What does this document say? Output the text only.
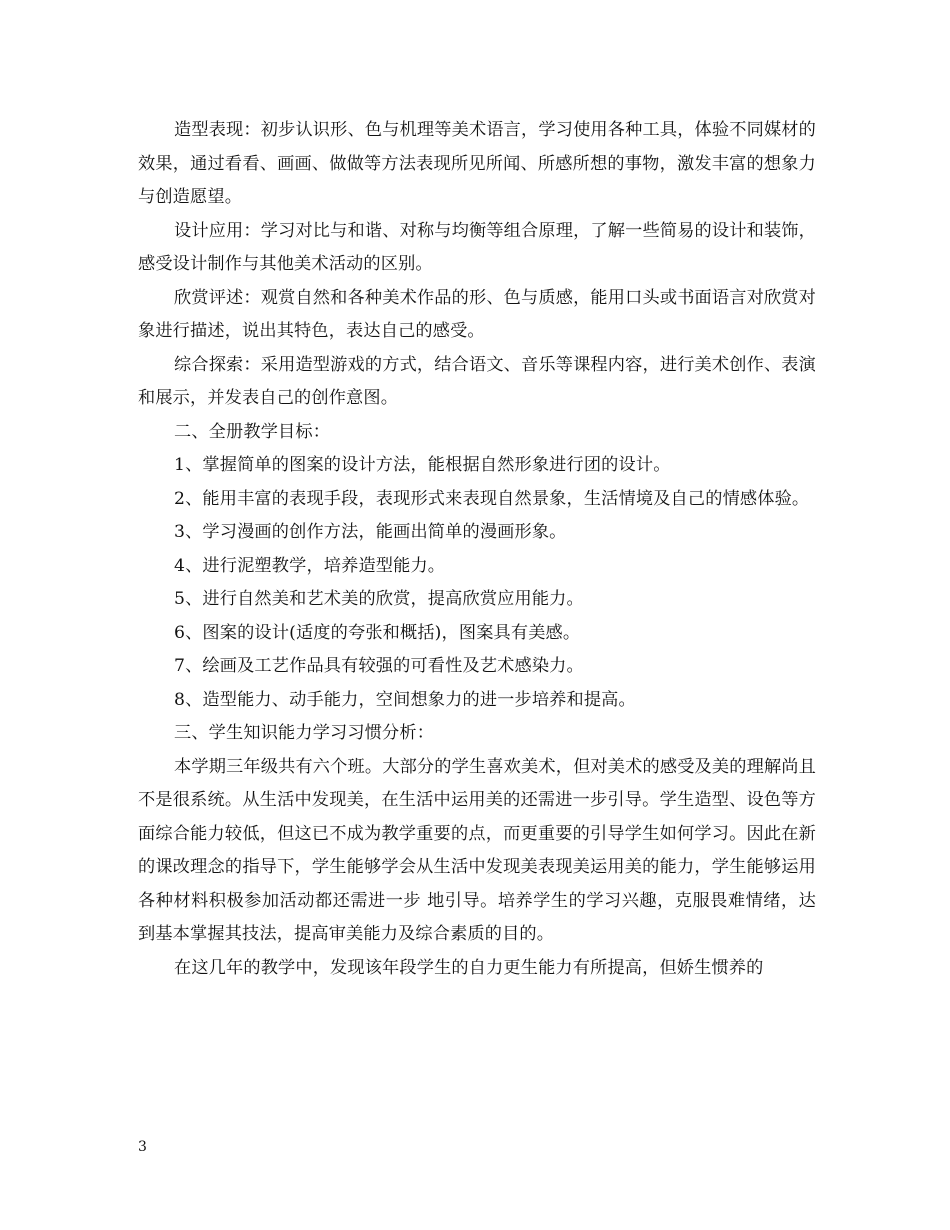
造型表现：初步认识形、色与机理等美术语言，学习使用各种工具，体验不同媒材的效果，通过看看、画画、做做等方法表现所见所闻、所感所想的事物，激发丰富的想象力与创造愿望。

设计应用：学习对比与和谐、对称与均衡等组合原理，了解一些简易的设计和装饰，感受设计制作与其他美术活动的区别。

欣赏评述：观赏自然和各种美术作品的形、色与质感，能用口头或书面语言对欣赏对象进行描述，说出其特色，表达自己的感受。

综合探索：采用造型游戏的方式，结合语文、音乐等课程内容，进行美术创作、表演和展示，并发表自己的创作意图。

二、全册教学目标：

1、掌握简单的图案的设计方法，能根据自然形象进行团的设计。

2、能用丰富的表现手段，表现形式来表现自然景象，生活情境及自己的情感体验。

3、学习漫画的创作方法，能画出简单的漫画形象。

4、进行泥塑教学，培养造型能力。

5、进行自然美和艺术美的欣赏，提高欣赏应用能力。

6、图案的设计(适度的夸张和概括)，图案具有美感。

7、绘画及工艺作品具有较强的可看性及艺术感染力。

8、造型能力、动手能力，空间想象力的进一步培养和提高。

三、学生知识能力学习习惯分析：

本学期三年级共有六个班。大部分的学生喜欢美术，但对美术的感受及美的理解尚且不是很系统。从生活中发现美，在生活中运用美的还需进一步引导。学生造型、设色等方面综合能力较低，但这已不成为教学重要的点，而更重要的引导学生如何学习。因此在新的课改理念的指导下，学生能够学会从生活中发现美表现美运用美的能力，学生能够运用各种材料积极参加活动都还需进一步 地引导。培养学生的学习兴趣，克服畏难情绪，达到基本掌握其技法，提高审美能力及综合素质的目的。

在这几年的教学中，发现该年段学生的自力更生能力有所提高，但娇生惯养的

3
